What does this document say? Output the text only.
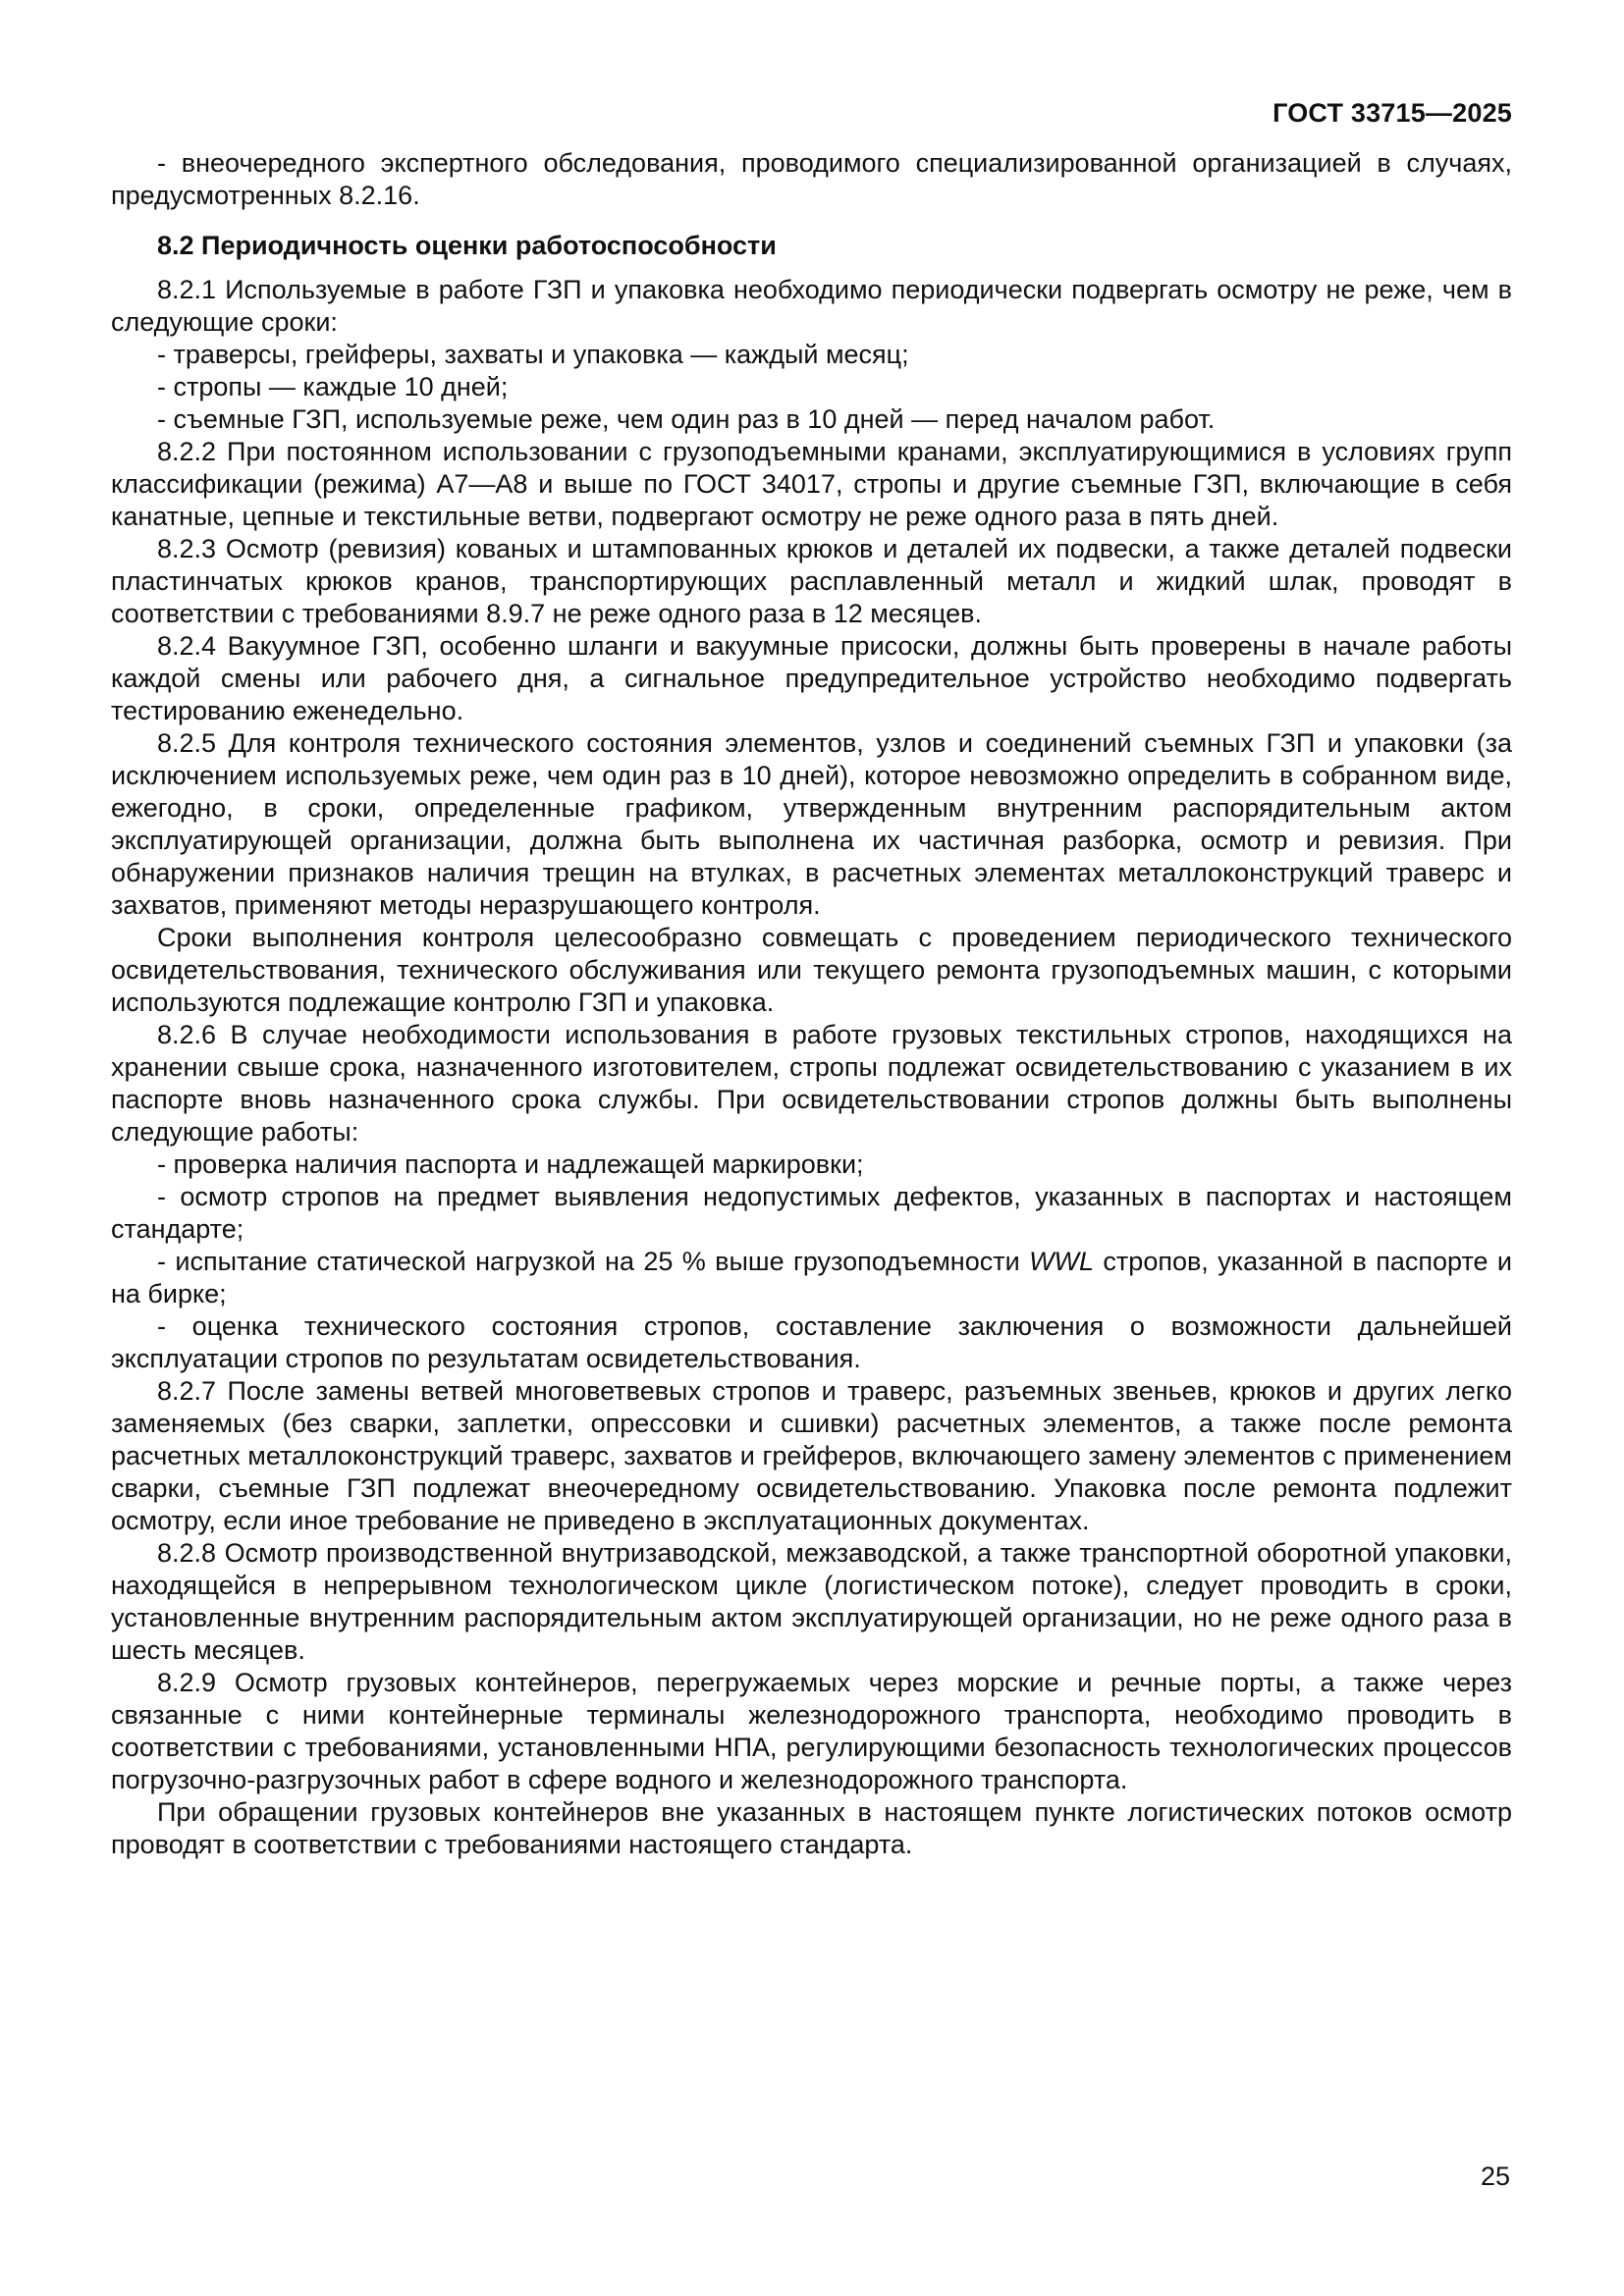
ГОСТ 33715—2025

- внеочередного экспертного обследования, проводимого специализированной организацией в случаях, предусмотренных 8.2.16.

8.2 Периодичность оценки работоспособности

8.2.1 Используемые в работе ГЗП и упаковка необходимо периодически подвергать осмотру не реже, чем в следующие сроки:

- траверсы, грейферы, захваты и упаковка — каждый месяц;

- стропы — каждые 10 дней;

- съемные ГЗП, используемые реже, чем один раз в 10 дней — перед началом работ.

8.2.2 При постоянном использовании с грузоподъемными кранами, эксплуатирующимися в условиях групп классификации (режима) А7—А8 и выше по ГОСТ 34017, стропы и другие съемные ГЗП, включающие в себя канатные, цепные и текстильные ветви, подвергают осмотру не реже одного раза в пять дней.

8.2.3 Осмотр (ревизия) кованых и штампованных крюков и деталей их подвески, а также деталей подвески пластинчатых крюков кранов, транспортирующих расплавленный металл и жидкий шлак, проводят в соответствии с требованиями 8.9.7 не реже одного раза в 12 месяцев.

8.2.4 Вакуумное ГЗП, особенно шланги и вакуумные присоски, должны быть проверены в начале работы каждой смены или рабочего дня, а сигнальное предупредительное устройство необходимо подвергать тестированию еженедельно.

8.2.5 Для контроля технического состояния элементов, узлов и соединений съемных ГЗП и упаковки (за исключением используемых реже, чем один раз в 10 дней), которое невозможно определить в собранном виде, ежегодно, в сроки, определенные графиком, утвержденным внутренним распорядительным актом эксплуатирующей организации, должна быть выполнена их частичная разборка, осмотр и ревизия. При обнаружении признаков наличия трещин на втулках, в расчетных элементах металлоконструкций траверс и захватов, применяют методы неразрушающего контроля.

Сроки выполнения контроля целесообразно совмещать с проведением периодического технического освидетельствования, технического обслуживания или текущего ремонта грузоподъемных машин, с которыми используются подлежащие контролю ГЗП и упаковка.

8.2.6 В случае необходимости использования в работе грузовых текстильных стропов, находящихся на хранении свыше срока, назначенного изготовителем, стропы подлежат освидетельствованию с указанием в их паспорте вновь назначенного срока службы. При освидетельствовании стропов должны быть выполнены следующие работы:

- проверка наличия паспорта и надлежащей маркировки;

- осмотр стропов на предмет выявления недопустимых дефектов, указанных в паспортах и настоящем стандарте;

- испытание статической нагрузкой на 25 % выше грузоподъемности WWL стропов, указанной в паспорте и на бирке;

- оценка технического состояния стропов, составление заключения о возможности дальнейшей эксплуатации стропов по результатам освидетельствования.

8.2.7 После замены ветвей многоветвевых стропов и траверс, разъемных звеньев, крюков и других легко заменяемых (без сварки, заплетки, опрессовки и сшивки) расчетных элементов, а также после ремонта расчетных металлоконструкций траверс, захватов и грейферов, включающего замену элементов с применением сварки, съемные ГЗП подлежат внеочередному освидетельствованию. Упаковка после ремонта подлежит осмотру, если иное требование не приведено в эксплуатационных документах.

8.2.8 Осмотр производственной внутризаводской, межзаводской, а также транспортной оборотной упаковки, находящейся в непрерывном технологическом цикле (логистическом потоке), следует проводить в сроки, установленные внутренним распорядительным актом эксплуатирующей организации, но не реже одного раза в шесть месяцев.

8.2.9 Осмотр грузовых контейнеров, перегружаемых через морские и речные порты, а также через связанные с ними контейнерные терминалы железнодорожного транспорта, необходимо проводить в соответствии с требованиями, установленными НПА, регулирующими безопасность технологических процессов погрузочно-разгрузочных работ в сфере водного и железнодорожного транспорта.

При обращении грузовых контейнеров вне указанных в настоящем пункте логистических потоков осмотр проводят в соответствии с требованиями настоящего стандарта.

25
